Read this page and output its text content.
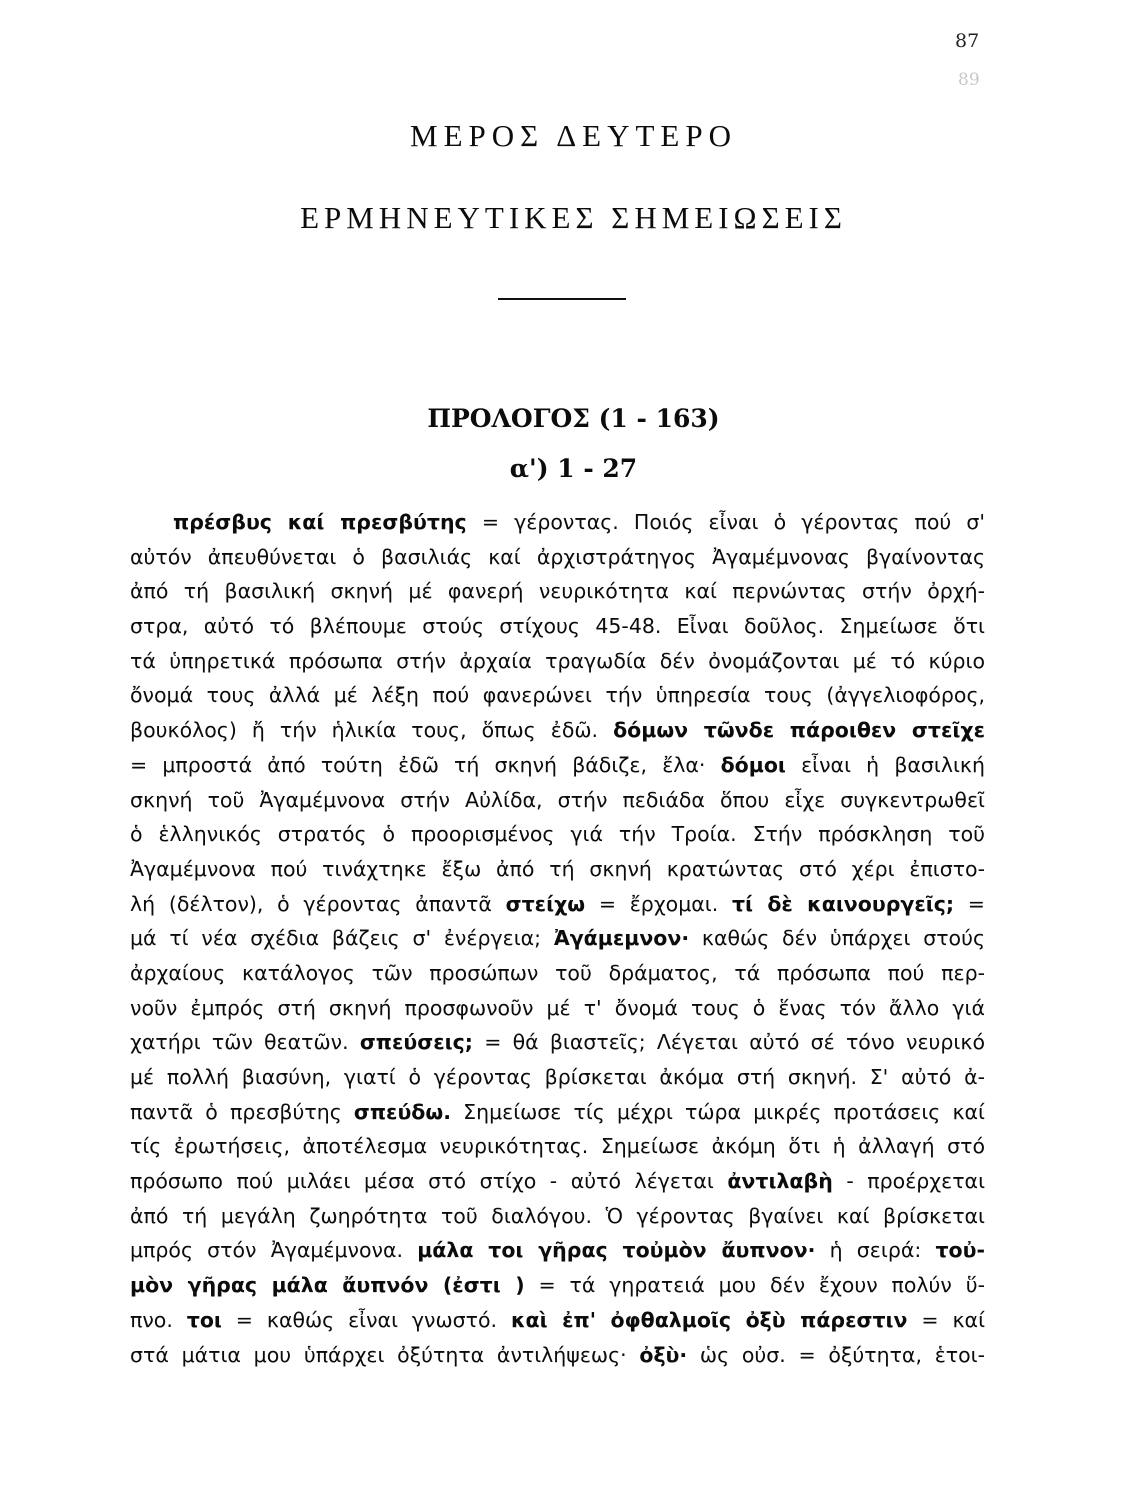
87
89
ΜΕΡΟΣ ΔΕΥΤΕΡΟ
ΕΡΜΗΝΕΥΤΙΚΕΣ ΣΗΜΕΙΩΣΕΙΣ
ΠΡΟΛΟΓΟΣ (1 - 163)
α') 1 - 27
πρέσβυς καί πρεσβύτης = γέροντας. Ποιός εἶναι ὁ γέροντας πού σ'
αὐτόν ἀπευθύνεται ὁ βασιλιάς καί ἀρχιστράτηγος Ἀγαμέμνονας βγαίνοντας
ἀπό τή βασιλική σκηνή μέ φανερή νευρικότητα καί περνώντας στήν ὀρχή-
στρα, αὐτό τό βλέπουμε στούς στίχους 45-48. Εἶναι δοῦλος. Σημείωσε ὅτι
τά ὑπηρετικά πρόσωπα στήν ἀρχαία τραγωδία δέν ὀνομάζονται μέ τό κύριο
ὄνομά τους ἀλλά μέ λέξη πού φανερώνει τήν ὑπηρεσία τους (ἀγγελιοφόρος,
βουκόλος) ἤ τήν ἡλικία τους, ὅπως ἐδῶ. δόμων τῶνδε πάροιθεν στεῖχε
= μπροστά ἀπό τούτη ἐδῶ τή σκηνή βάδιζε, ἔλα· δόμοι εἶναι ἡ βασιλική
σκηνή τοῦ Ἀγαμέμνονα στήν Αὐλίδα, στήν πεδιάδα ὅπου εἶχε συγκεντρωθεῖ
ὁ ἑλληνικός στρατός ὁ προορισμένος γιά τήν Τροία. Στήν πρόσκληση τοῦ
Ἀγαμέμνονα πού τινάχτηκε ἔξω ἀπό τή σκηνή κρατώντας στό χέρι ἐπιστο-
λή (δέλτον), ὁ γέροντας ἀπαντᾶ στείχω = ἔρχομαι. τί δὲ καινουργεῖς; =
μά τί νέα σχέδια βάζεις σ' ἐνέργεια; Ἀγάμεμνον· καθώς δέν ὑπάρχει στούς
ἀρχαίους κατάλογος τῶν προσώπων τοῦ δράματος, τά πρόσωπα πού περ-
νοῦν ἐμπρός στή σκηνή προσφωνοῦν μέ τ' ὄνομά τους ὁ ἕνας τόν ἄλλο γιά
χατήρι τῶν θεατῶν. σπεύσεις; = θά βιαστεῖς; Λέγεται αὐτό σέ τόνο νευρικό
μέ πολλή βιασύνη, γιατί ὁ γέροντας βρίσκεται ἀκόμα στή σκηνή. Σ' αὐτό ἀ-
παντᾶ ὁ πρεσβύτης σπεύδω. Σημείωσε τίς μέχρι τώρα μικρές προτάσεις καί
τίς ἐρωτήσεις, ἀποτέλεσμα νευρικότητας. Σημείωσε ἀκόμη ὅτι ἡ ἀλλαγή στό
πρόσωπο πού μιλάει μέσα στό στίχο - αὐτό λέγεται ἀντιλαβὴ - προέρχεται
ἀπό τή μεγάλη ζωηρότητα τοῦ διαλόγου. Ὁ γέροντας βγαίνει καί βρίσκεται
μπρός στόν Ἀγαμέμνονα. μάλα τοι γῆρας τοὐμὸν ἄυπνον· ἡ σειρά: τοὐ-
μὸν γῆρας μάλα ἄυπνόν (ἐστι ) = τά γηρατειά μου δέν ἔχουν πολύν ὕ-
πνο. τοι = καθώς εἶναι γνωστό. καὶ ἐπ' ὀφθαλμοῖς ὀξὺ πάρεστιν = καί
στά μάτια μου ὑπάρχει ὀξύτητα ἀντιλήψεως· ὀξὺ· ὡς οὐσ. = ὀξύτητα, ἑτοι-
